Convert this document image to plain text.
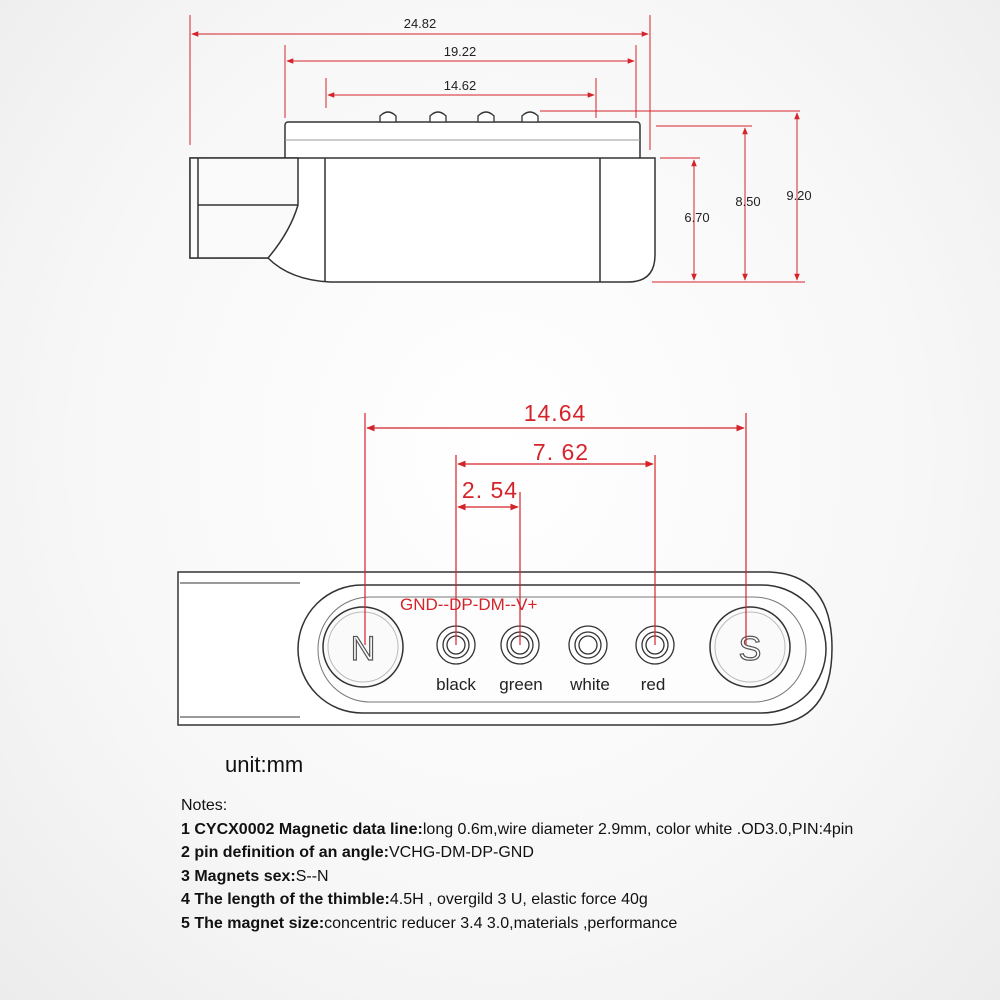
24.82
19.22
14.62
6.70
8.50 9.20
N	S
14.64
7. 62
2. 54
GND--DP-DM--V+
black green white red
unit:mm
Notes:
1 CYCX0002 Magnetic data line:long 0.6m,wire diameter 2.9mm, color white .OD3.0,PIN:4pin
2 pin definition of an angle:VCHG-DM-DP-GND
3 Magnets sex:S--N
4 The length of the thimble:4.5H , overgild 3 U, elastic force 40g
5 The magnet size:concentric reducer 3.4 3.0,materials ,performance
